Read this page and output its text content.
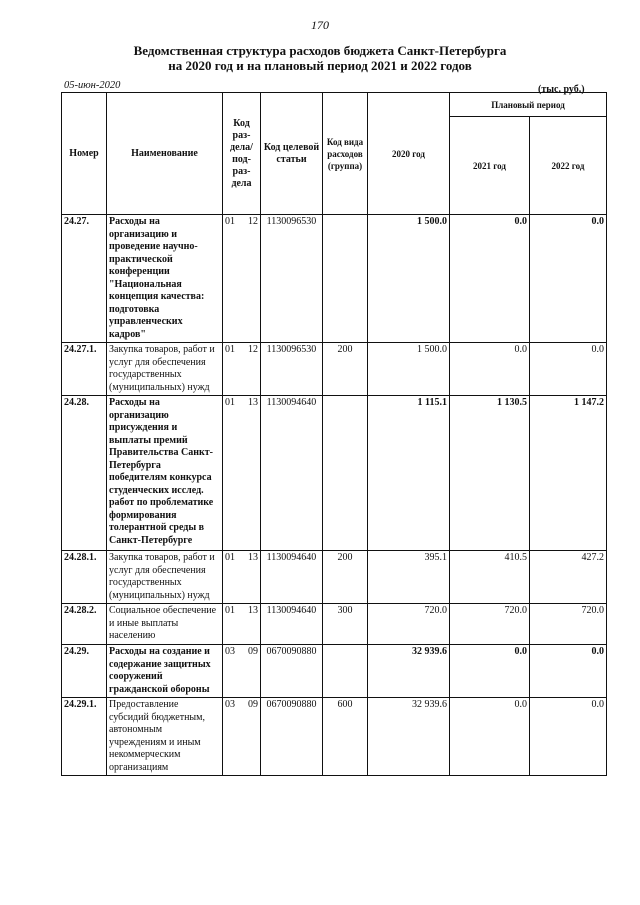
170
Ведомственная структура расходов бюджета Санкт-Петербурга
на 2020 год и на плановый период 2021 и 2022 годов
05-июн-2020	(тыс. руб.)
Номер	Наименование	Код раз-дела/под-раз-дела	Код целевой статьи	Код вида расходов (группа)	2020 год	Плановый период	
						2021 год	2022 год
24.27.	Расходы на организацию и проведение научно-практической конференции "Национальная концепция качества: подготовка управленческих кадров"	01 12	1130096530		1 500.0	0.0	0.0
24.27.1.	Закупка товаров, работ и услуг для обеспечения государственных (муниципальных) нужд	01 12	1130096530	200	1 500.0	0.0	0.0
24.28.	Расходы на организацию присуждения и выплаты премий Правительства Санкт-Петербурга победителям конкурса студенческих исслед. работ по проблематике формирования толерантной среды в Санкт-Петербурге	01 13	1130094640		1 115.1	1 130.5	1 147.2
24.28.1.	Закупка товаров, работ и услуг для обеспечения государственных (муниципальных) нужд	01 13	1130094640	200	395.1	410.5	427.2
24.28.2.	Социальное обеспечение и иные выплаты населению	01 13	1130094640	300	720.0	720.0	720.0
24.29.	Расходы на создание и содержание защитных сооружений гражданской обороны	03 09	0670090880		32 939.6	0.0	0.0
24.29.1.	Предоставление субсидий бюджетным, автономным учреждениям и иным некоммерческим организациям	03 09	0670090880	600	32 939.6	0.0	0.0
